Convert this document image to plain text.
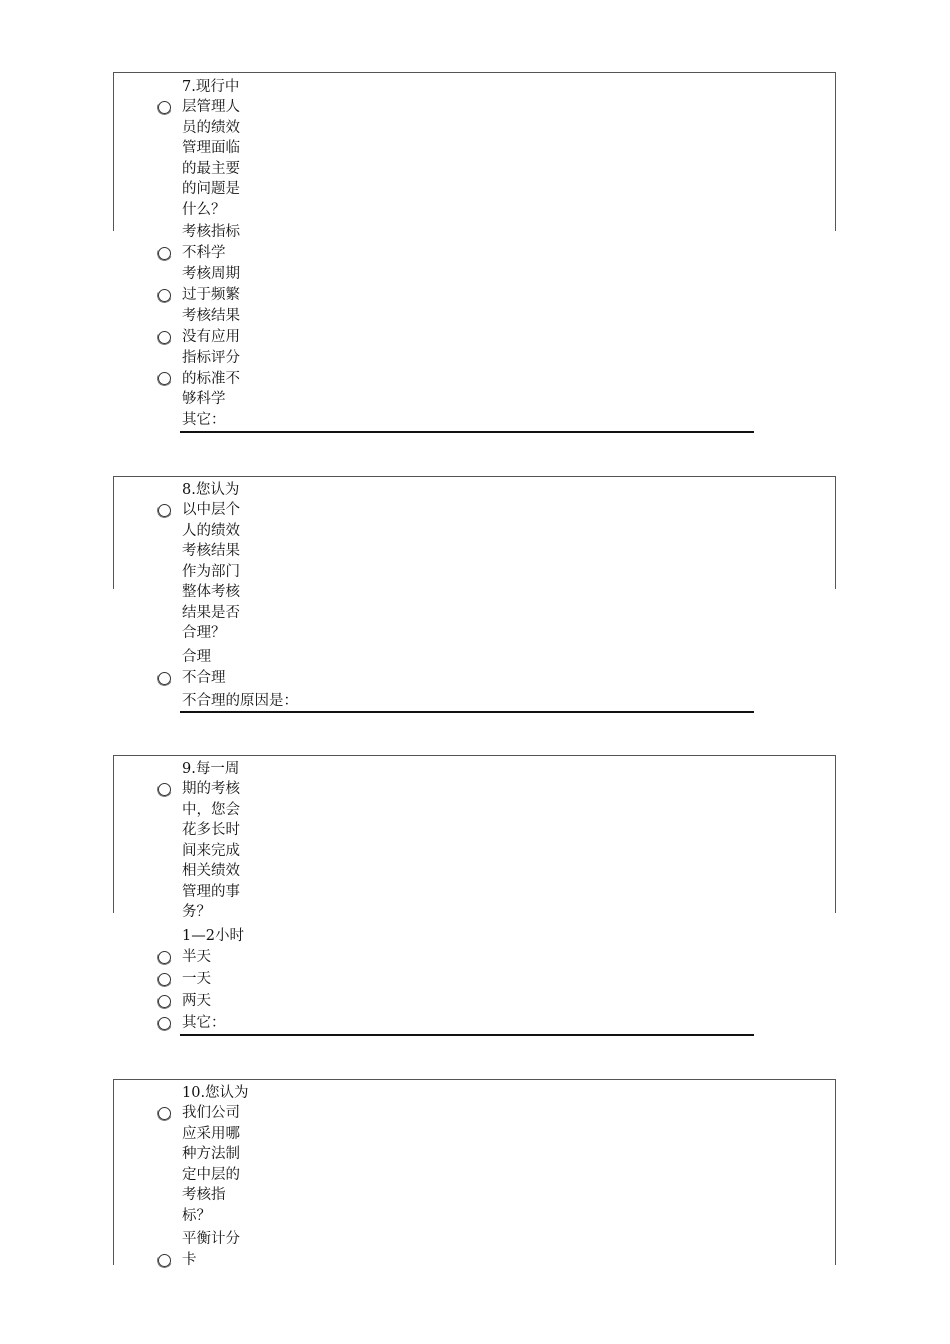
7.现行中
层管理人
员的绩效
管理面临
的最主要
的问题是
什么？
考核指标
不科学
考核周期
过于频繁
考核结果
没有应用
指标评分
的标准不
够科学
其它：
8.您认为
以中层个
人的绩效
考核结果
作为部门
整体考核
结果是否
合理？
合理
不合理
不合理的原因是：
9.每一周
期的考核
中，您会
花多长时
间来完成
相关绩效
管理的事
务？
1—2小时
半天
一天
两天
其它：
10.您认为
我们公司
应采用哪
种方法制
定中层的
考核指
标？
平衡计分
卡
